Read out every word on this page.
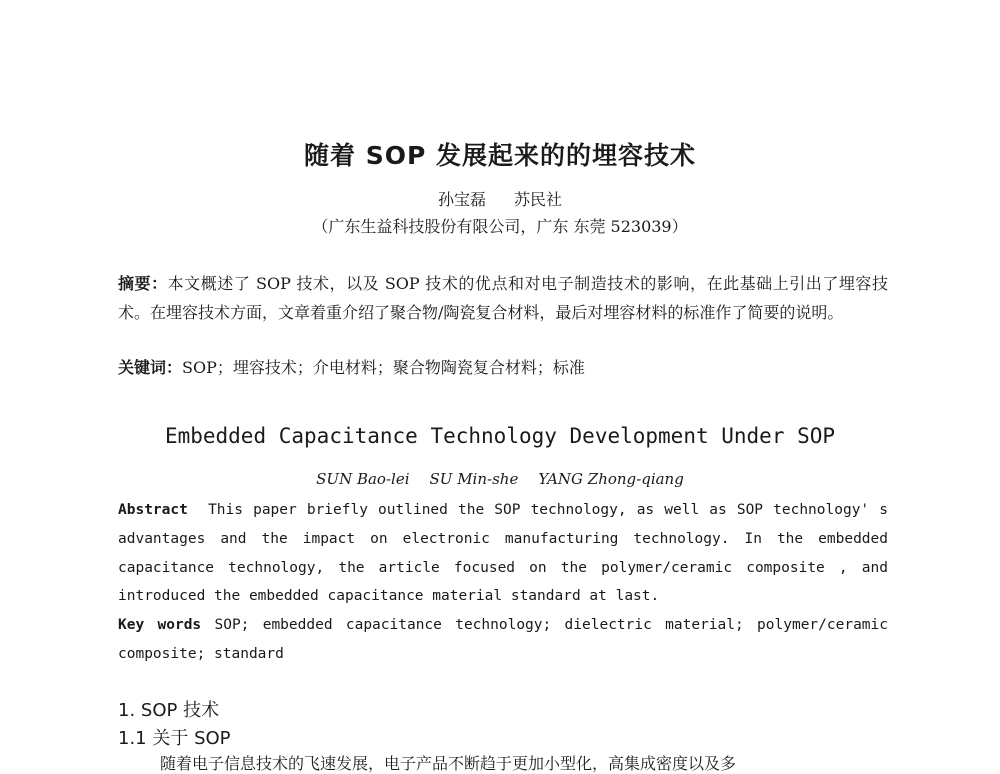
随着 SOP 发展起来的的埋容技术
孙宝磊 苏民社
（广东生益科技股份有限公司，广东 东莞 523039）
摘要：本文概述了 SOP 技术，以及 SOP 技术的优点和对电子制造技术的影响，在此基础上引出了埋容技术。在埋容技术方面，文章着重介绍了聚合物/陶瓷复合材料，最后对埋容材料的标准作了简要的说明。
关键词：SOP；埋容技术；介电材料；聚合物陶瓷复合材料；标准
Embedded Capacitance Technology Development Under SOP
SUN Bao-lei SU Min-she YANG Zhong-qiang
Abstract This paper briefly outlined the SOP technology, as well as SOP technology' s advantages and the impact on electronic manufacturing technology. In the embedded capacitance technology, the article focused on the polymer/ceramic composite , and introduced the embedded capacitance material standard at last.
Key words SOP; embedded capacitance technology; dielectric material; polymer/ceramic composite; standard
1. SOP 技术
1.1 关于 SOP
随着电子信息技术的飞速发展，电子产品不断趋于更加小型化，高集成密度以及多
